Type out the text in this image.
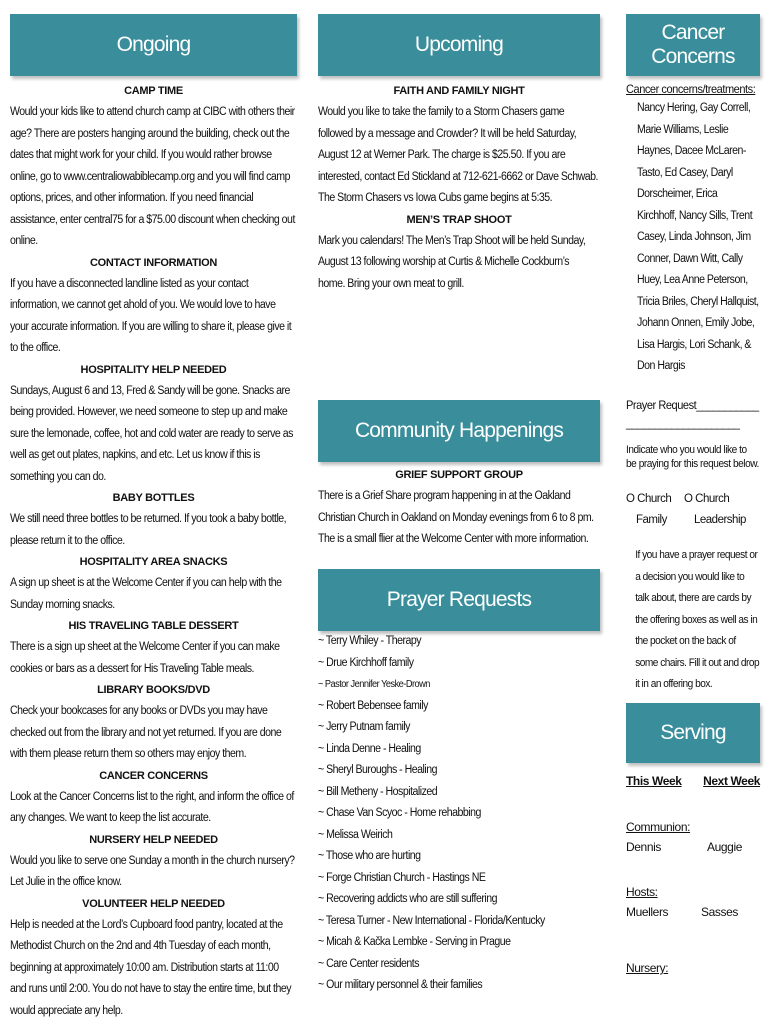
Ongoing

CAMP TIME

Would your kids like to attend church camp at CIBC with others their age? There are posters hanging around the building, check out the dates that might work for your child. If you would rather browse online, go to www.centraliowabiblecamp.org and you will find camp options, prices, and other information. If you need financial assistance, enter central75 for a $75.00 discount when checking out online.

CONTACT INFORMATION

If you have a disconnected landline listed as your contact information, we cannot get ahold of you. We would love to have your accurate information. If you are willing to share it, please give it to the office.

HOSPITALITY HELP NEEDED

Sundays, August 6 and 13, Fred & Sandy will be gone. Snacks are being provided. However, we need someone to step up and make sure the lemonade, coffee, hot and cold water are ready to serve as well as get out plates, napkins, and etc. Let us know if this is something you can do.

BABY BOTTLES

We still need three bottles to be returned. If you took a baby bottle, please return it to the office.

HOSPITALITY AREA SNACKS

A sign up sheet is at the Welcome Center if you can help with the Sunday morning snacks.

HIS TRAVELING TABLE DESSERT

There is a sign up sheet at the Welcome Center if you can make cookies or bars as a dessert for His Traveling Table meals.

LIBRARY BOOKS/DVD

Check your bookcases for any books or DVDs you may have checked out from the library and not yet returned. If you are done with them please return them so others may enjoy them.

CANCER CONCERNS

Look at the Cancer Concerns list to the right, and inform the office of any changes. We want to keep the list accurate.

NURSERY HELP NEEDED

Would you like to serve one Sunday a month in the church nursery? Let Julie in the office know.

VOLUNTEER HELP NEEDED

Help is needed at the Lord’s Cupboard food pantry, located at the Methodist Church on the 2nd and 4th Tuesday of each month, beginning at approximately 10:00 am. Distribution starts at 11:00 and runs until 2:00. You do not have to stay the entire time, but they would appreciate any help.

Upcoming

FAITH AND FAMILY NIGHT

Would you like to take the family to a Storm Chasers game followed by a message and Crowder? It will be held Saturday, August 12 at Werner Park. The charge is $25.50. If you are interested, contact Ed Stickland at 712-621-6662 or Dave Schwab. The Storm Chasers vs Iowa Cubs game begins at 5:35.

MEN’S TRAP SHOOT

Mark you calendars! The Men’s Trap Shoot will be held Sunday, August 13 following worship at Curtis & Michelle Cockburn’s home. Bring your own meat to grill.

Community Happenings

GRIEF SUPPORT GROUP

There is a Grief Share program happening in at the Oakland Christian Church in Oakland on Monday evenings from 6 to 8 pm. The is a small flier at the Welcome Center with more information.

Prayer Requests

~ Terry Whiley - Therapy

~ Drue Kirchhoff family

~ Pastor Jennifer Yeske-Drown

~ Robert Bebensee family

~ Jerry Putnam family

~ Linda Denne - Healing

~ Sheryl Buroughs - Healing

~ Bill Metheny - Hospitalized

~ Chase Van Scyoc - Home rehabbing

~ Melissa Weirich

~ Those who are hurting

~ Forge Christian Church - Hastings NE

~ Recovering addicts who are still suffering

~ Teresa Turner - New International - Florida/Kentucky

~ Micah & Kačka Lembke - Serving in Prague

~ Care Center residents

~ Our military personnel & their families

Cancer Concerns

Cancer concerns/treatments:

Nancy Hering, Gay Correll, Marie Williams, Leslie Haynes, Dacee McLaren-Tasto, Ed Casey, Daryl Dorscheimer, Erica Kirchhoff, Nancy Sills, Trent Casey, Linda Johnson, Jim Conner, Dawn Witt, Cally Huey, Lea Anne Peterson, Tricia Briles, Cheryl Hallquist, Johann Onnen, Emily Jobe, Lisa Hargis, Lori Schank, & Don Hargis

Prayer Request___________

____________________

Indicate who you would like to be praying for this request below.

O Church
Family
O Church
Leadership

If you have a prayer request or a decision you would like to talk about, there are cards by the offering boxes as well as in the pocket on the back of some chairs. Fill it out and drop it in an offering box.

Serving
This Week Next Week
Communion:
Dennis	Auggie
Hosts:
Muellers	Sasses
Nursery:
